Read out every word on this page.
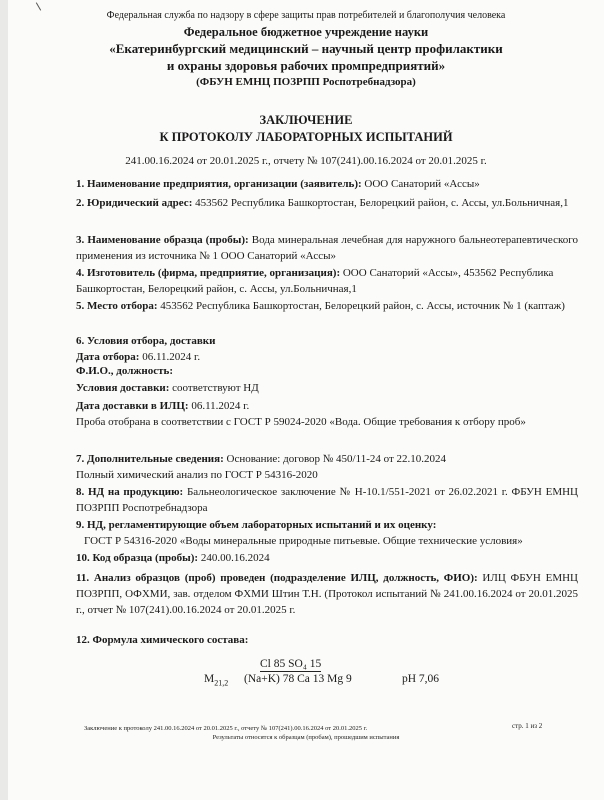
Федеральная служба по надзору в сфере защиты прав потребителей и благополучия человека
Федеральное бюджетное учреждение науки
«Екатеринбургский медицинский – научный центр профилактики
и охраны здоровья рабочих промпредприятий»
(ФБУН ЕМНЦ ПОЗРПП Роспотребнадзора)
ЗАКЛЮЧЕНИЕ
К ПРОТОКОЛУ ЛАБОРАТОРНЫХ ИСПЫТАНИЙ
241.00.16.2024 от 20.01.2025 г., отчету № 107(241).00.16.2024 от 20.01.2025 г.
1. Наименование предприятия, организации (заявитель): ООО Санаторий «Ассы»
2. Юридический адрес: 453562 Республика Башкортостан, Белорецкий район, с. Ассы, ул.Больничная,1
3. Наименование образца (пробы): Вода минеральная лечебная для наружного бальнеотерапевтического применения из источника № 1 ООО Санаторий «Ассы»
4. Изготовитель (фирма, предприятие, организация): ООО Санаторий «Ассы», 453562 Республика Башкортостан, Белорецкий район, с. Ассы, ул.Больничная,1
5. Место отбора: 453562 Республика Башкортостан, Белорецкий район, с. Ассы, источник № 1 (каптаж)
6. Условия отбора, доставки
Дата отбора: 06.11.2024 г.
Ф.И.О., должность:
Условия доставки: соответствуют НД
Дата доставки в ИЛЦ: 06.11.2024 г.
Проба отобрана в соответствии с ГОСТ Р 59024-2020 «Вода. Общие требования к отбору проб»
7. Дополнительные сведения: Основание: договор № 450/11-24 от 22.10.2024
Полный химический анализ по ГОСТ Р 54316-2020
8. НД на продукцию: Бальнеологическое заключение № Н-10.1/551-2021 от 26.02.2021 г. ФБУН ЕМНЦ ПОЗРПП Роспотребнадзора
9. НД, регламентирующие объем лабораторных испытаний и их оценку:
ГОСТ Р 54316-2020 «Воды минеральные природные питьевые. Общие технические условия»
10. Код образца (пробы): 240.00.16.2024
11. Анализ образцов (проб) проведен (подразделение ИЛЦ, должность, ФИО): ИЛЦ ФБУН ЕМНЦ ПОЗРПП, ОФХМИ, зав. отделом ФХМИ Штин Т.Н. (Протокол испытаний № 241.00.16.2024 от 20.01.2025 г., отчет № 107(241).00.16.2024 от 20.01.2025 г.
12. Формула химического состава:
Cl 85 SO₄ 15
$M_{21,2}$ (Na+K) 78 Ca 13 Mg 9	pH 7,06
Заключение к протоколу 241.00.16.2024 от 20.01.2025 г., отчету № 107(241).00.16.2024 от 20.01.2025 г.	стр. 1 из 2
Результаты относятся к образцам (пробам), прошедшим испытания
